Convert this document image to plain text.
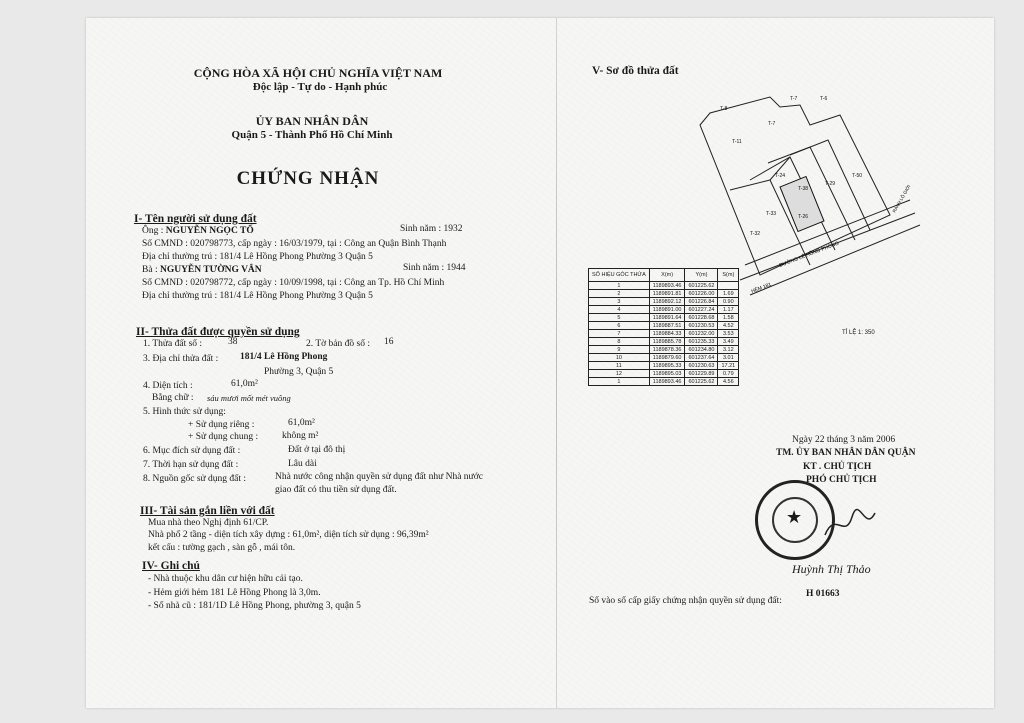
CỘNG HÒA XÃ HỘI CHỦ NGHĨA VIỆT NAM
Độc lập - Tự do - Hạnh phúc
ỦY BAN NHÂN DÂN
Quận 5 - Thành Phố Hồ Chí Minh
CHỨNG NHẬN
I- Tên người sử dụng đất
Ông : NGUYỄN NGỌC TỐ	Sinh năm : 1932
Số CMND : 020798773, cấp ngày : 16/03/1979, tại : Công an Quận Bình Thạnh
Địa chỉ thường trú : 181/4 Lê Hồng Phong Phường 3 Quận 5
Bà : NGUYỄN TƯỜNG VÂN	Sinh năm : 1944
Số CMND : 020798772, cấp ngày : 10/09/1998, tại : Công an Tp. Hồ Chí Minh
Địa chỉ thường trú : 181/4 Lê Hồng Phong Phường 3 Quận 5
II- Thửa đất được quyền sử dụng
1. Thửa đất số :	38	2. Tờ bản đồ số : 16
3. Địa chỉ thửa đất : 181/4 Lê Hồng Phong
Phường 3, Quận 5
4. Diện tích :	61,0m²
Bằng chữ : sáu mươi mốt mét vuông
5. Hình thức sử dụng:
+ Sử dụng riêng :	61,0m²
+ Sử dụng chung :	không m²
6. Mục đích sử dụng đất :	Đất ở tại đô thị
7. Thời hạn sử dụng đất :	Lâu dài
8. Nguồn gốc sử dụng đất :	Nhà nước công nhận quyền sử dụng đất như Nhà nước
giao đất có thu tiền sử dụng đất.
III- Tài sản gắn liền với đất
Mua nhà theo Nghị định 61/CP.
Nhà phố 2 tầng - diện tích xây dựng : 61,0m², diện tích sử dụng : 96,39m²
kết cấu : tường gạch , sàn gỗ , mái tôn.
IV- Ghi chú
- Nhà thuộc khu dân cư hiện hữu cải tạo.
- Hẻm giới hẻm 181 Lê Hồng Phong là 3,0m.
- Số nhà cũ : 181/1D Lê Hồng Phong, phường 3, quận 5
V- Sơ đồ thửa đất
T-8
T-7	T-6
T-11
T-7
T-24
T-38
T-29
T-50
T-33	T-26
T-32
ĐƯỜNG LÊ HỒNG PHONG
HẺM 181
RANH LÔ GIỚI
TỈ LỆ 1: 350
SỐ HIỆU GÓC THỬA	X(m)	Y(m)	S(m)
1	1189893.46	601225.62	
2	1189891.81	601226.00	1.69
3	1189892.12	601226.84	0.90
4	1189891.00	601227.24	1.17
5	1189891.64	601228.68	1.58
6	1189887.51	601230.53	4.52
7	1189884.33	601232.00	3.53
8	1189885.78	601235.33	3.49
9	1189878.36	601234.80	3.12
10	1189879.60	601237.64	3.01
11	1189895.33	601230.63	17.21
12	1189895.03	601229.89	0.79
1	1189893.46	601225.62	4.56
Ngày 22 tháng 3 năm 2006
TM. ỦY BAN NHÂN DÂN QUẬN
KT . CHỦ TỊCH
PHÓ CHỦ TỊCH
★
Huỳnh Thị Thảo
Số vào sổ cấp giấy chứng nhận quyền sử dụng đất:
H 01663
